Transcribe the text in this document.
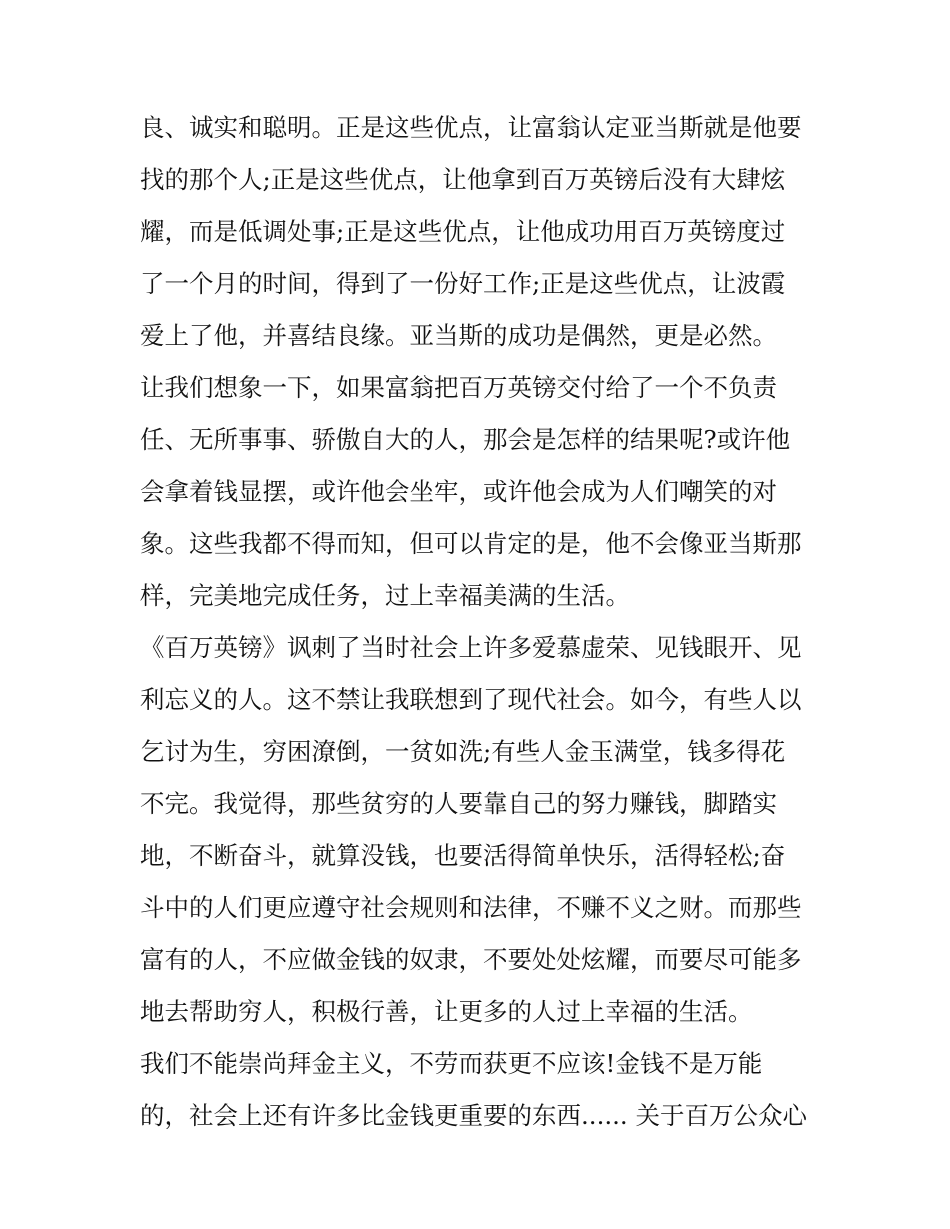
良、诚实和聪明。正是这些优点，让富翁认定亚当斯就是他要
找的那个人;正是这些优点，让他拿到百万英镑后没有大肆炫
耀，而是低调处事;正是这些优点，让他成功用百万英镑度过
了一个月的时间，得到了一份好工作;正是这些优点，让波霞
爱上了他，并喜结良缘。亚当斯的成功是偶然，更是必然。
让我们想象一下，如果富翁把百万英镑交付给了一个不负责
任、无所事事、骄傲自大的人，那会是怎样的结果呢?或许他
会拿着钱显摆，或许他会坐牢，或许他会成为人们嘲笑的对
象。这些我都不得而知，但可以肯定的是，他不会像亚当斯那
样，完美地完成任务，过上幸福美满的生活。
《百万英镑》讽刺了当时社会上许多爱慕虚荣、见钱眼开、见
利忘义的人。这不禁让我联想到了现代社会。如今，有些人以
乞讨为生，穷困潦倒，一贫如洗;有些人金玉满堂，钱多得花
不完。我觉得，那些贫穷的人要靠自己的努力赚钱，脚踏实
地，不断奋斗，就算没钱，也要活得简单快乐，活得轻松;奋
斗中的人们更应遵守社会规则和法律，不赚不义之财。而那些
富有的人，不应做金钱的奴隶，不要处处炫耀，而要尽可能多
地去帮助穷人，积极行善，让更多的人过上幸福的生活。
我们不能崇尚拜金主义，不劳而获更不应该!金钱不是万能
的，社会上还有许多比金钱更重要的东西...... 关于百万公众心
